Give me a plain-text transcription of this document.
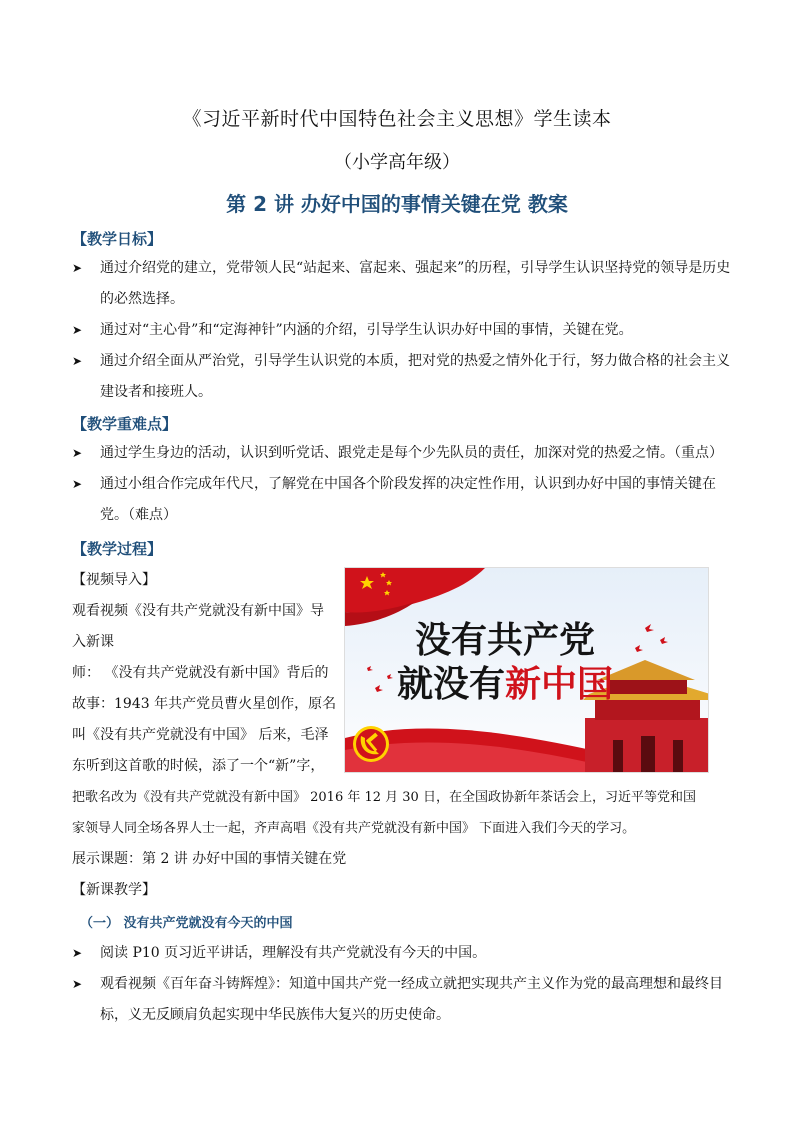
《习近平新时代中国特色社会主义思想》学生读本
（小学高年级）
第 2 讲 办好中国的事情关键在党 教案
【教学日标】
➤	通过介绍党的建立，党带领人民“站起来、富起来、强起来”的历程，引导学生认识坚持党的领导是历史的必然选择。
➤	通过对“主心骨”和“定海神针”内涵的介绍，引导学生认识办好中国的事情，关键在党。
➤	通过介绍全面从严治党，引导学生认识党的本质，把对党的热爱之情外化于行，努力做合格的社会主义建设者和接班人。
【教学重难点】
➤	通过学生身边的活动，认识到听党话、跟党走是每个少先队员的责任，加深对党的热爱之情。（重点）
➤	通过小组合作完成年代尺，了解党在中国各个阶段发挥的决定性作用，认识到办好中国的事情关键在党。（难点）
【教学过程】
【视频导入】
观看视频《没有共产党就没有新中国》导
入新课
师： 《没有共产党就没有新中国》背后的
故事：1943 年共产党员曹火星创作，原名
叫《没有共产党就没有中国》 后来，毛泽
东听到这首歌的时候，添了一个“新”字，
把歌名改为《没有共产党就没有新中国》 2016 年 12 月 30 日，在全国政协新年茶话会上，习近平等党和国
家领导人同全场各界人士一起，齐声高唱《没有共产党就没有新中国》 下面进入我们今天的学习。
展示课题：第 2 讲 办好中国的事情关键在党
【新课教学】
（一） 没有共产党就没有今天的中国
➤	阅读 P10 页习近平讲话，理解没有共产党就没有今天的中国。
➤	观看视频《百年奋斗铸辉煌》：知道中国共产党一经成立就把实现共产主义作为党的最高理想和最终目标，义无反顾肩负起实现中华民族伟大复兴的历史使命。
没有共产党
就没有新中国
